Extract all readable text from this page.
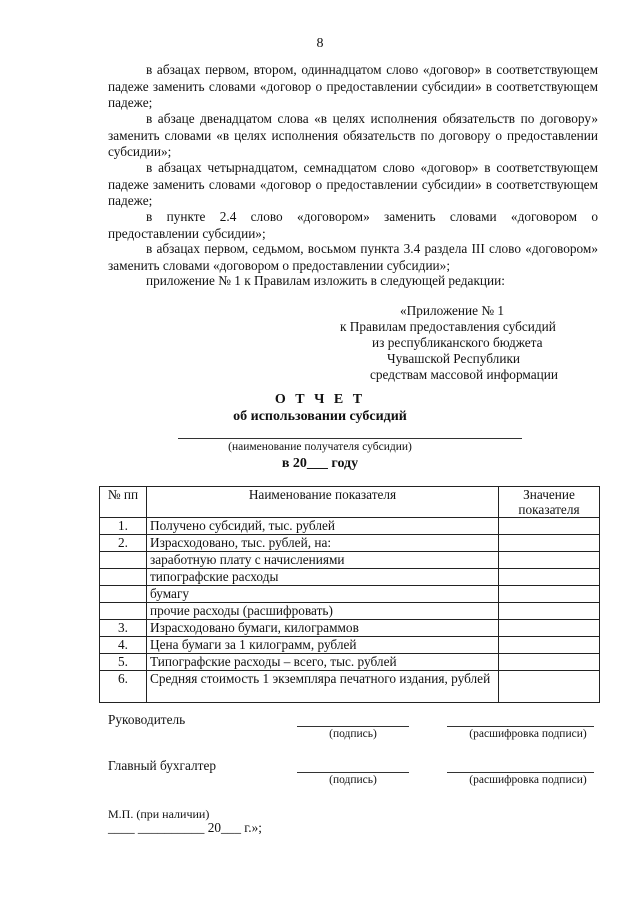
8
в абзацах первом, втором, одиннадцатом слово «договор» в соответствующем падеже заменить словами «договор о предоставлении субсидии» в соответствующем падеже;
в абзаце двенадцатом слова «в целях исполнения обязательств по договору» заменить словами «в целях исполнения обязательств по договору о предоставлении субсидии»;
в абзацах четырнадцатом, семнадцатом слово «договор» в соответствующем падеже заменить словами «договор о предоставлении субсидии» в соответствующем падеже;
в пункте 2.4 слово «договором» заменить словами «договором о предоставлении субсидии»;
в абзацах первом, седьмом, восьмом пункта 3.4 раздела III слово «договором» заменить словами «договором о предоставлении субсидии»;
приложение № 1 к Правилам изложить в следующей редакции:
«Приложение № 1
к Правилам предоставления субсидий
из республиканского бюджета
Чувашской Республики
средствам массовой информации
О Т Ч Е Т
об использовании субсидий
(наименование получателя субсидии)
в 20___ году
№ пп	Наименование показателя	Значение показателя
1.	Получено субсидий, тыс. рублей	
2.	Израсходовано, тыс. рублей, на:	
	заработную плату с начислениями	
	типографские расходы	
	бумагу	
	прочие расходы (расшифровать)	
3.	Израсходовано бумаги, килограммов	
4.	Цена бумаги за 1 килограмм, рублей	
5.	Типографские расходы – всего, тыс. рублей	
6.	Средняя стоимость 1 экземпляра печатного издания, рублей	
Руководитель
(подпись)	(расшифровка подписи)
Главный бухгалтер
(подпись)	(расшифровка подписи)
М.П. (при наличии)
____ __________ 20___ г.»;
